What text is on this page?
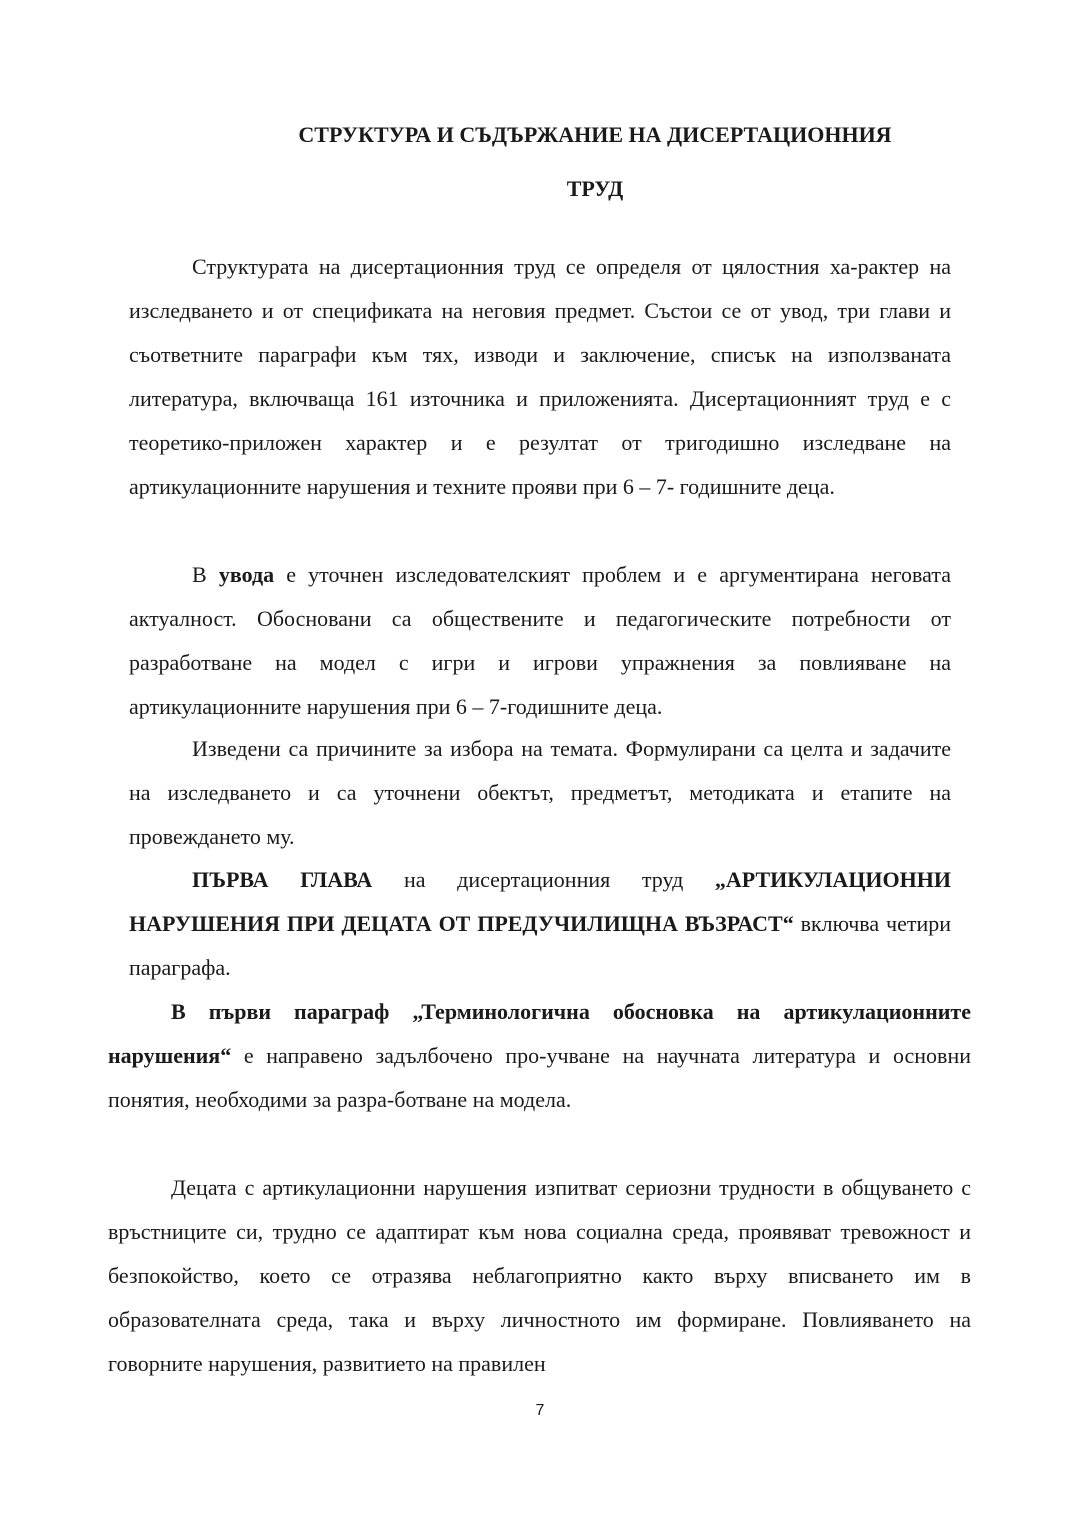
СТРУКТУРА И СЪДЪРЖАНИЕ НА ДИСЕРТАЦИОННИЯ
ТРУД

Структурата на дисертационния труд се определя от цялостния ха-рактер на изследването и от спецификата на неговия предмет. Състои се от увод, три глави и съответните параграфи към тях, изводи и заключение, списък на използваната литература, включваща 161 източника и приложенията. Дисертационният труд е с теоретико-приложен характер и е резултат от тригодишно изследване на артикулационните нарушения и техните прояви при 6 – 7- годишните деца.

В увода е уточнен изследователският проблем и е аргументирана неговата актуалност. Обосновани са обществените и педагогическите потребности от разработване на модел с игри и игрови упражнения за повлияване на артикулационните нарушения при 6 – 7-годишните деца.

Изведени са причините за избора на темата. Формулирани са целта и задачите на изследването и са уточнени обектът, предметът, методиката и етапите на провеждането му.

ПЪРВА ГЛАВА на дисертационния труд „АРТИКУЛАЦИОННИ НАРУШЕНИЯ ПРИ ДЕЦАТА ОТ ПРЕДУЧИЛИЩНА ВЪЗРАСТ“ включва четири параграфа.

В първи параграф „Терминологична обосновка на артикулационните нарушения“ е направено задълбочено про-учване на научната литература и основни понятия, необходими за разра-ботване на модела.

Децата с артикулационни нарушения изпитват сериозни трудности в общуването с връстниците си, трудно се адаптират към нова социална среда, проявяват тревожност и безпокойство, което се отразява неблагоприятно както върху вписването им в образователната среда, така и върху личностното им формиране. Повлияването на говорните нарушения, развитието на правилен

7
